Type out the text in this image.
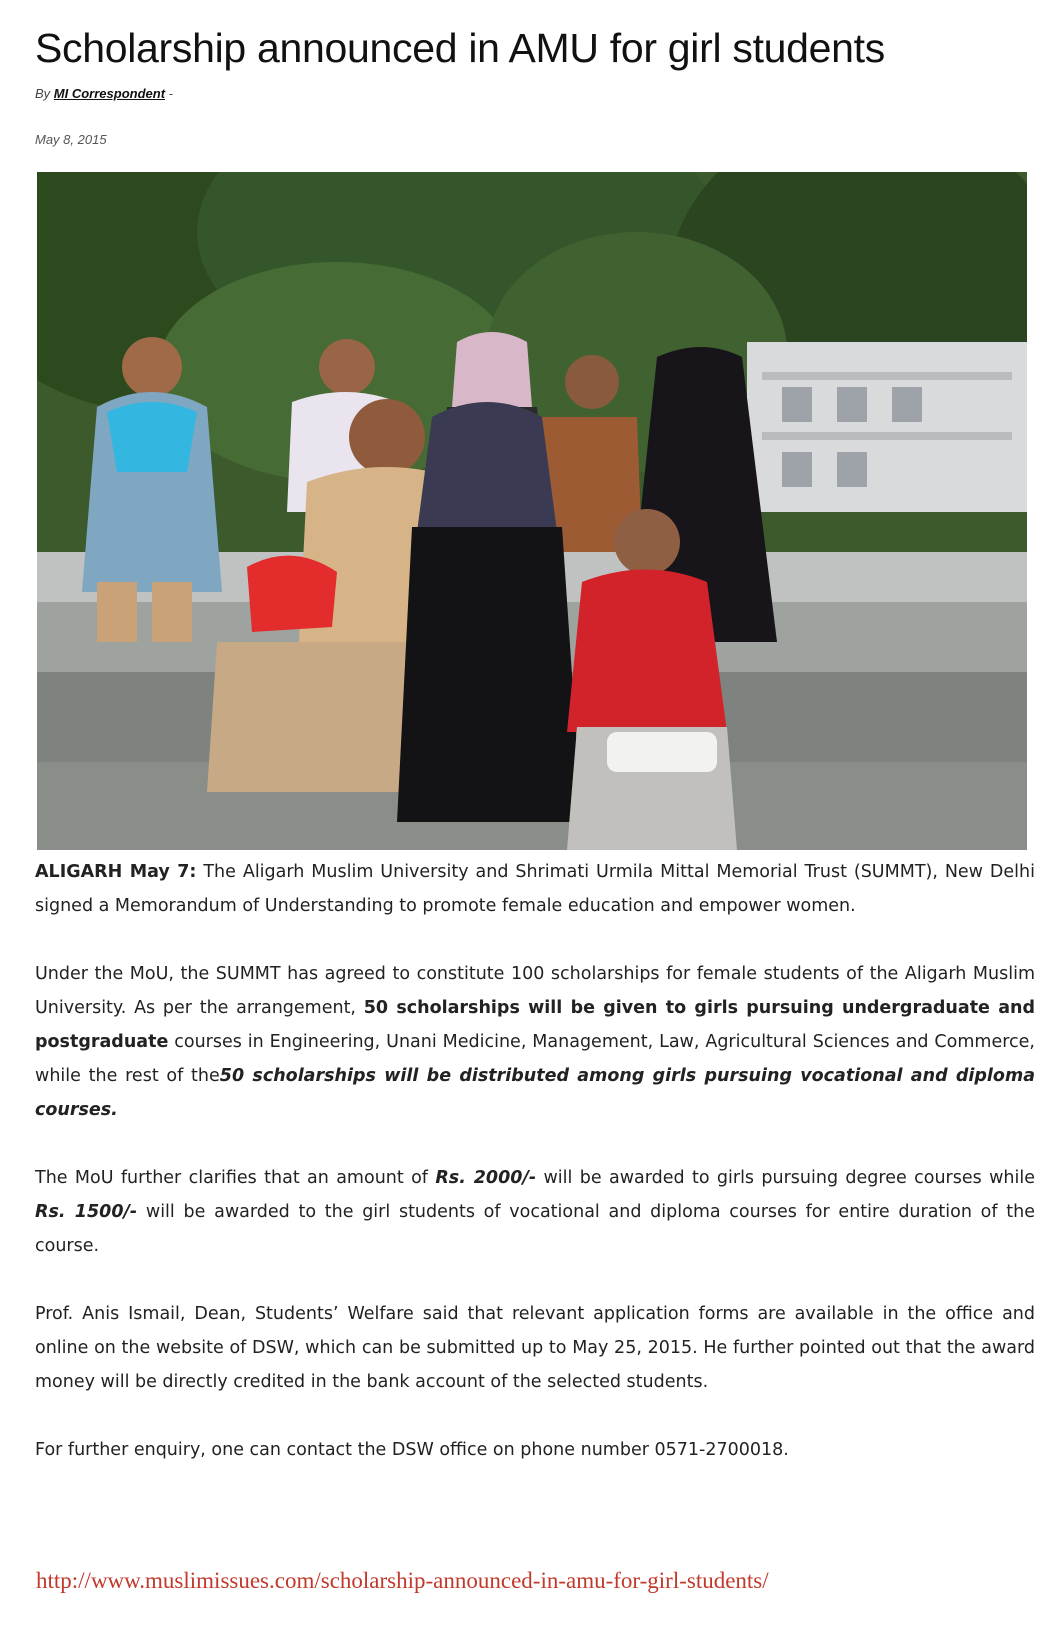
Scholarship announced in AMU for girl students
By MI Correspondent -
May 8, 2015

ALIGARH May 7: The Aligarh Muslim University and Shrimati Urmila Mittal Memorial Trust (SUMMT), New Delhi signed a Memorandum of Understanding to promote female education and empower women.

Under the MoU, the SUMMT has agreed to constitute 100 scholarships for female students of the Aligarh Muslim University. As per the arrangement, 50 scholarships will be given to girls pursuing undergraduate and postgraduate courses in Engineering, Unani Medicine, Management, Law, Agricultural Sciences and Commerce, while the rest of the50 scholarships will be distributed among girls pursuing vocational and diploma courses.

The MoU further clarifies that an amount of Rs. 2000/- will be awarded to girls pursuing degree courses while Rs. 1500/- will be awarded to the girl students of vocational and diploma courses for entire duration of the course.

Prof. Anis Ismail, Dean, Students’ Welfare said that relevant application forms are available in the office and online on the website of DSW, which can be submitted up to May 25, 2015. He further pointed out that the award money will be directly credited in the bank account of the selected students.

For further enquiry, one can contact the DSW office on phone number 0571-2700018.

http://www.muslimissues.com/scholarship-announced-in-amu-for-girl-students/
